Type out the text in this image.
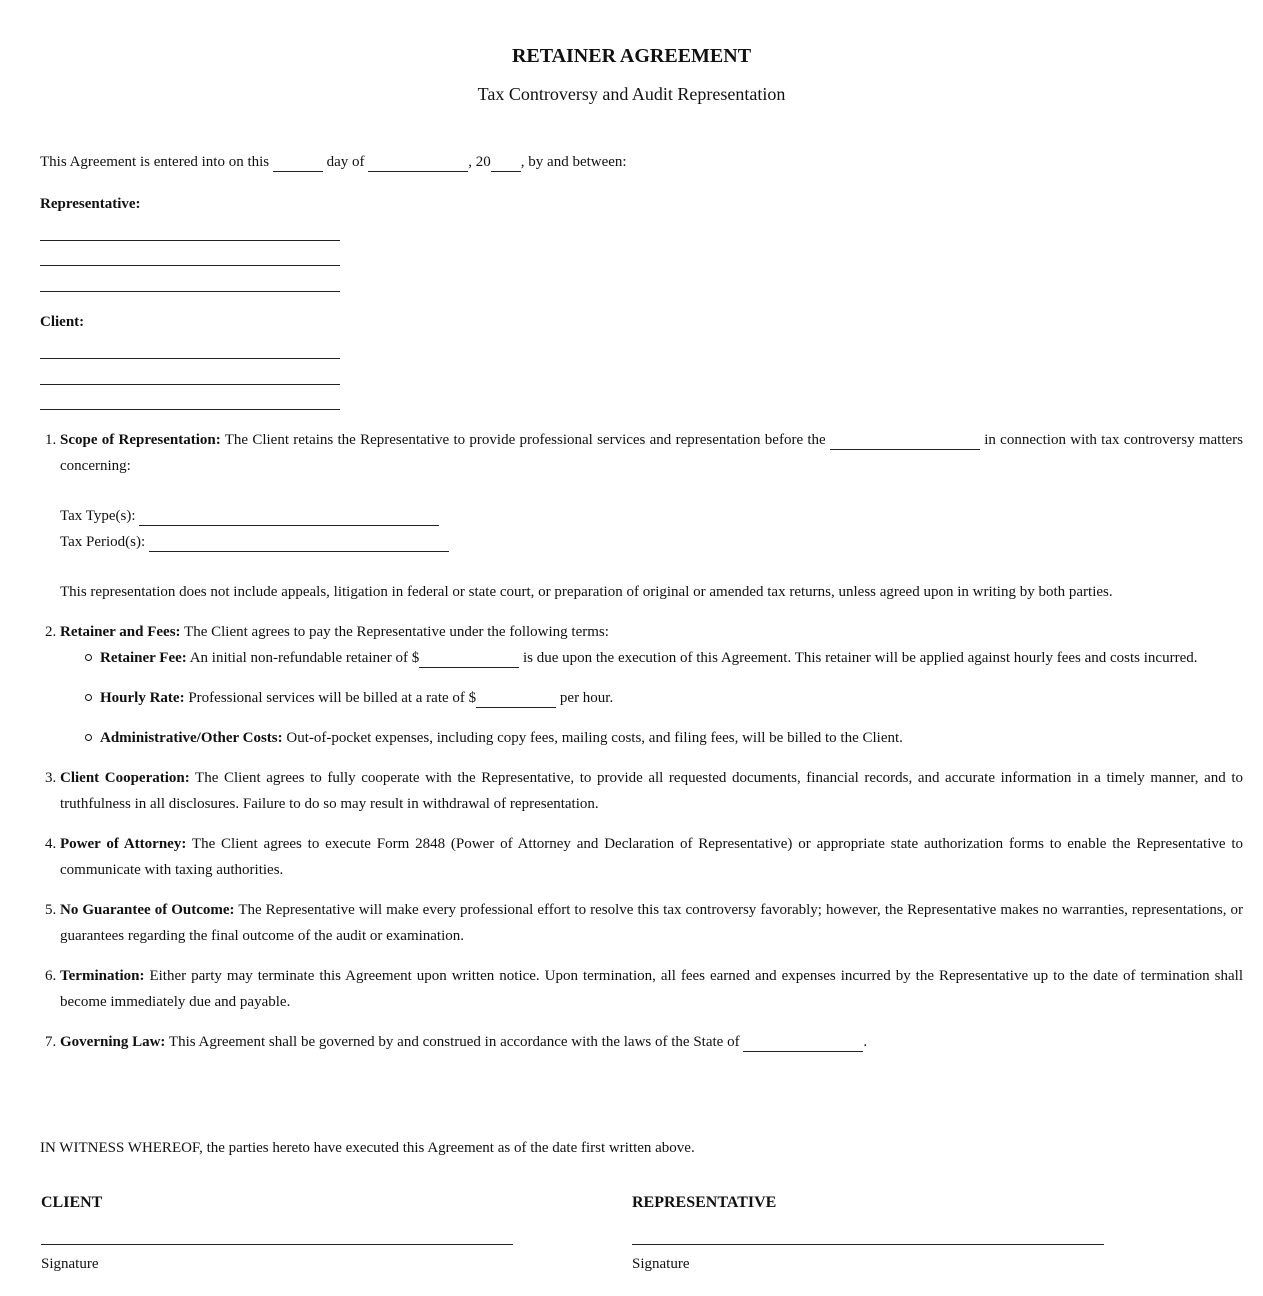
RETAINER AGREEMENT
Tax Controversy and Audit Representation
This Agreement is entered into on this	day of	, 20 , by and between:
Representative:
Client:
1. Scope of Representation: The Client retains the Representative to provide professional services and representation before the	in connection with tax controversy matters concerning:
Tax Type(s):
Tax Period(s):
This representation does not include appeals, litigation in federal or state court, or preparation of original or amended tax returns, unless agreed upon in writing by both parties.
2. Retainer and Fees: The Client agrees to pay the Representative under the following terms:
Retainer Fee: An initial non-refundable retainer of $	is due upon the execution of this Agreement. This retainer will be applied against hourly fees and costs incurred.
Hourly Rate: Professional services will be billed at a rate of $	per hour.
Administrative/Other Costs: Out-of-pocket expenses, including copy fees, mailing costs, and filing fees, will be billed to the Client.
3. Client Cooperation: The Client agrees to fully cooperate with the Representative, to provide all requested documents, financial records, and accurate information in a timely manner, and to truthfulness in all disclosures. Failure to do so may result in withdrawal of representation.
4. Power of Attorney: The Client agrees to execute Form 2848 (Power of Attorney and Declaration of Representative) or appropriate state authorization forms to enable the Representative to communicate with taxing authorities.
5. No Guarantee of Outcome: The Representative will make every professional effort to resolve this tax controversy favorably; however, the Representative makes no warranties, representations, or guarantees regarding the final outcome of the audit or examination.
6. Termination: Either party may terminate this Agreement upon written notice. Upon termination, all fees earned and expenses incurred by the Representative up to the date of termination shall become immediately due and payable.
7. Governing Law: This Agreement shall be governed by and construed in accordance with the laws of the State of	.
IN WITNESS WHEREOF, the parties hereto have executed this Agreement as of the date first written above.
CLIENT
Signature
REPRESENTATIVE
Signature
